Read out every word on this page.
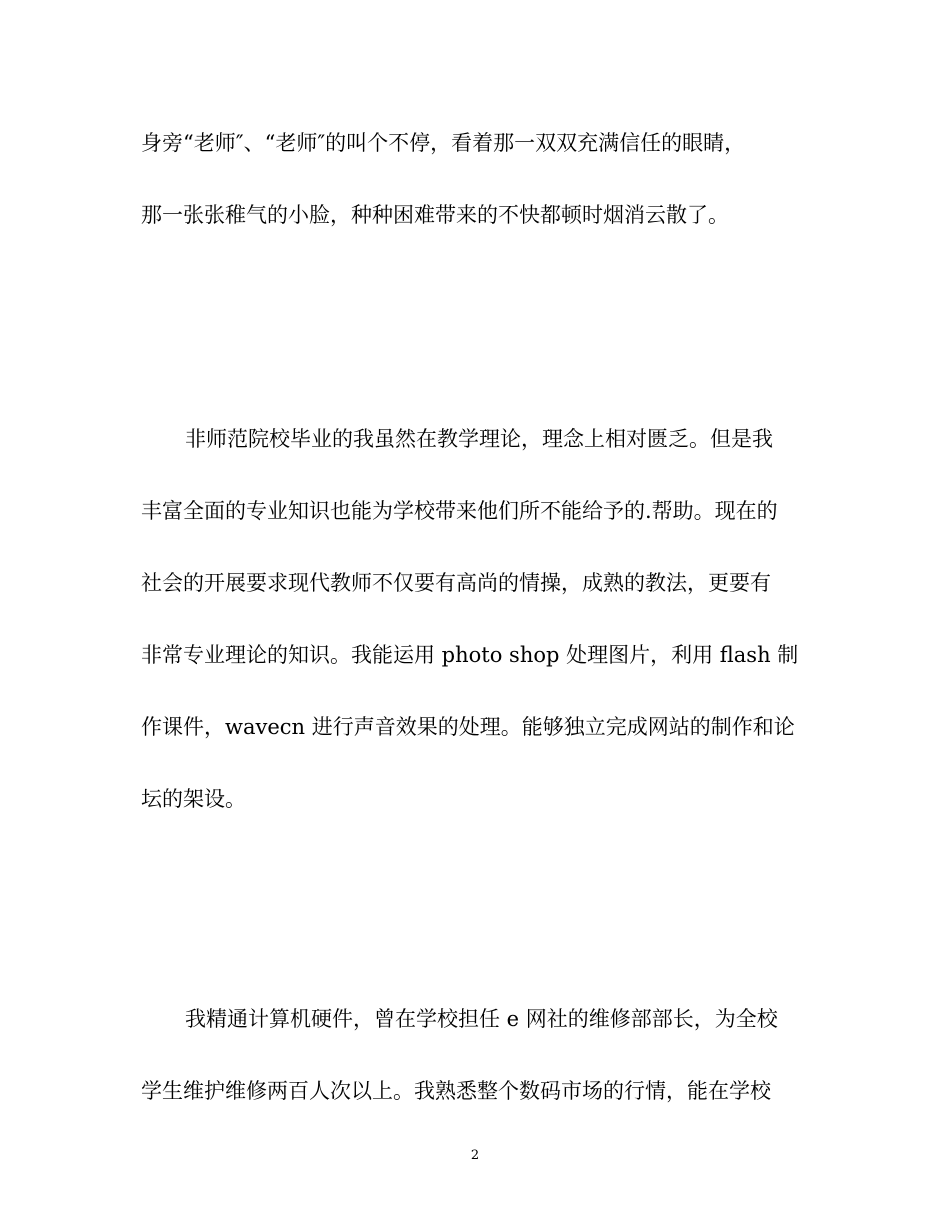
身旁“老师″、“老师″的叫个不停，看着那一双双充满信任的眼睛，

那一张张稚气的小脸，种种困难带来的不快都顿时烟消云散了。

非师范院校毕业的我虽然在教学理论，理念上相对匮乏。但是我

丰富全面的专业知识也能为学校带来他们所不能给予的.帮助。现在的

社会的开展要求现代教师不仅要有高尚的情操，成熟的教法，更要有

非常专业理论的知识。我能运用 photo shop 处理图片，利用 flash 制

作课件，wavecn 进行声音效果的处理。能够独立完成网站的制作和论

坛的架设。

我精通计算机硬件，曾在学校担任 e 网社的维修部部长，为全校

学生维护维修两百人次以上。我熟悉整个数码市场的行情，能在学校

2
